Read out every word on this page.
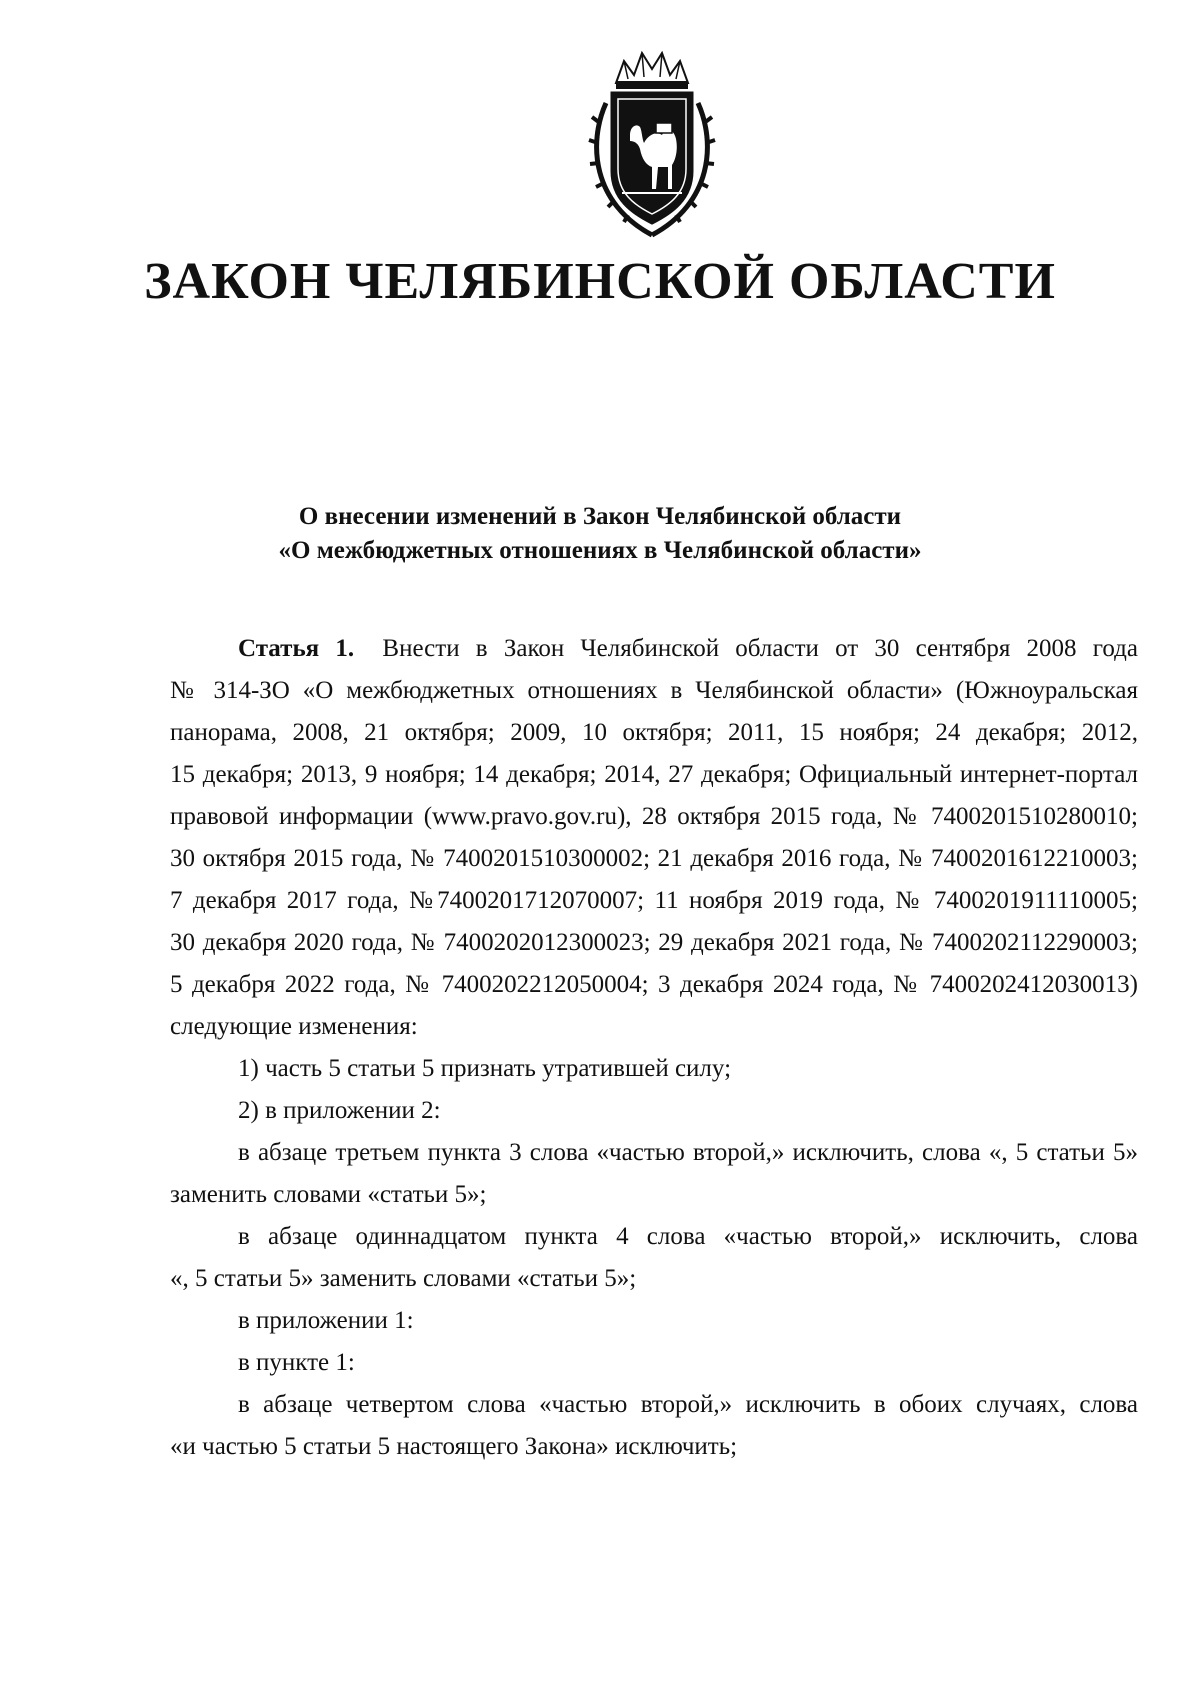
ЗАКОН ЧЕЛЯБИНСКОЙ ОБЛАСТИ
О внесении изменений в Закон Челябинской области
«О межбюджетных отношениях в Челябинской области»
Статья 1. Внести в Закон Челябинской области от 30 сентября 2008 года
№ 314-ЗО «О межбюджетных отношениях в Челябинской области» (Южноуральская
панорама, 2008, 21 октября; 2009, 10 октября; 2011, 15 ноября; 24 декабря; 2012,
15 декабря; 2013, 9 ноября; 14 декабря; 2014, 27 декабря; Официальный интернет-портал
правовой информации (www.pravo.gov.ru), 28 октября 2015 года, № 7400201510280010;
30 октября 2015 года, № 7400201510300002; 21 декабря 2016 года, № 7400201612210003;
7 декабря 2017 года, №7400201712070007; 11 ноября 2019 года, № 7400201911110005;
30 декабря 2020 года, № 7400202012300023; 29 декабря 2021 года, № 7400202112290003;
5 декабря 2022 года, № 7400202212050004; 3 декабря 2024 года, № 7400202412030013)
следующие изменения:
1) часть 5 статьи 5 признать утратившей силу;
2) в приложении 2:
в абзаце третьем пункта 3 слова «частью второй,» исключить, слова «, 5 статьи 5»
заменить словами «статьи 5»;
в абзаце одиннадцатом пункта 4 слова «частью второй,» исключить, слова
«, 5 статьи 5» заменить словами «статьи 5»;
в приложении 1:
в пункте 1:
в абзаце четвертом слова «частью второй,» исключить в обоих случаях, слова
«и частью 5 статьи 5 настоящего Закона» исключить;
